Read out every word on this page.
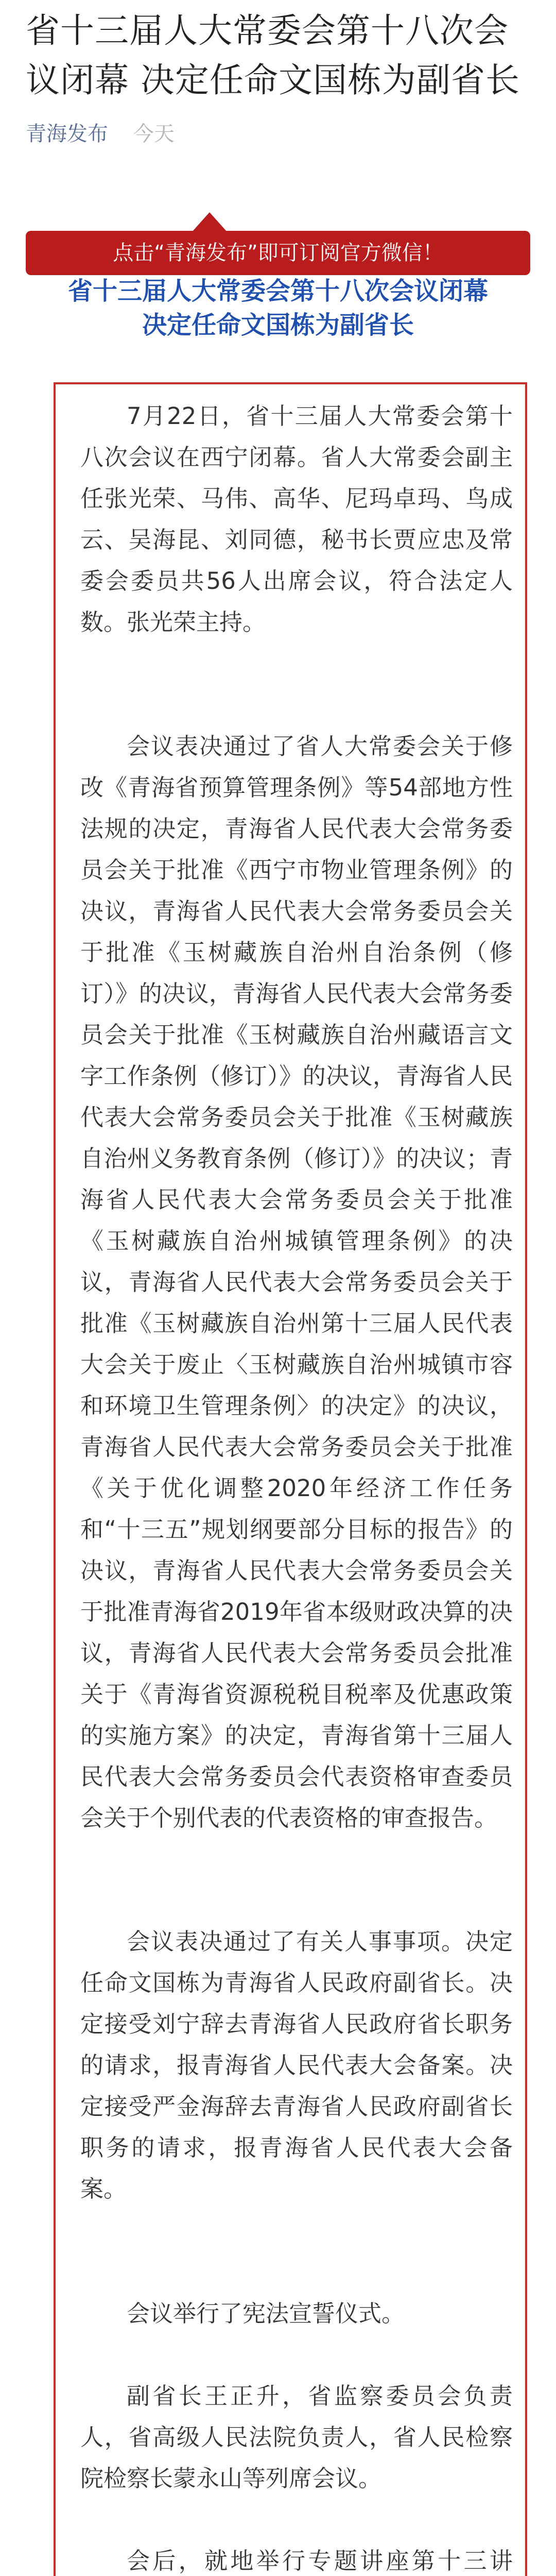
省十三届人大常委会第十八次会议闭幕 决定任命文国栋为副省长
青海发布 今天
点击“青海发布”即可订阅官方微信！
省十三届人大常委会第十八次会议闭幕
决定任命文国栋为副省长

7月22日，省十三届人大常委会第十八次会议在西宁闭幕。省人大常委会副主任张光荣、马伟、高华、尼玛卓玛、鸟成云、吴海昆、刘同德，秘书长贾应忠及常委会委员共56人出席会议，符合法定人数。张光荣主持。

会议表决通过了省人大常委会关于修改《青海省预算管理条例》等54部地方性法规的决定，青海省人民代表大会常务委员会关于批准《西宁市物业管理条例》的决议，青海省人民代表大会常务委员会关于批准《玉树藏族自治州自治条例（修订）》的决议，青海省人民代表大会常务委员会关于批准《玉树藏族自治州藏语言文字工作条例（修订）》的决议，青海省人民代表大会常务委员会关于批准《玉树藏族自治州义务教育条例（修订）》的决议；青海省人民代表大会常务委员会关于批准《玉树藏族自治州城镇管理条例》的决议，青海省人民代表大会常务委员会关于批准《玉树藏族自治州第十三届人民代表大会关于废止〈玉树藏族自治州城镇市容和环境卫生管理条例〉的决定》的决议，青海省人民代表大会常务委员会关于批准《关于优化调整2020年经济工作任务和“十三五”规划纲要部分目标的报告》的决议，青海省人民代表大会常务委员会关于批准青海省2019年省本级财政决算的决议，青海省人民代表大会常务委员会批准关于《青海省资源税税目税率及优惠政策的实施方案》的决定，青海省第十三届人民代表大会常务委员会代表资格审查委员会关于个别代表的代表资格的审查报告。

会议表决通过了有关人事事项。决定任命文国栋为青海省人民政府副省长。决定接受刘宁辞去青海省人民政府省长职务的请求，报青海省人民代表大会备案。决定接受严金海辞去青海省人民政府副省长职务的请求，报青海省人民代表大会备案。

会议举行了宪法宣誓仪式。

副省长王正升，省监察委员会负责人，省高级人民法院负责人，省人民检察院检察长蒙永山等列席会议。

会后，就地举行专题讲座第十三讲
